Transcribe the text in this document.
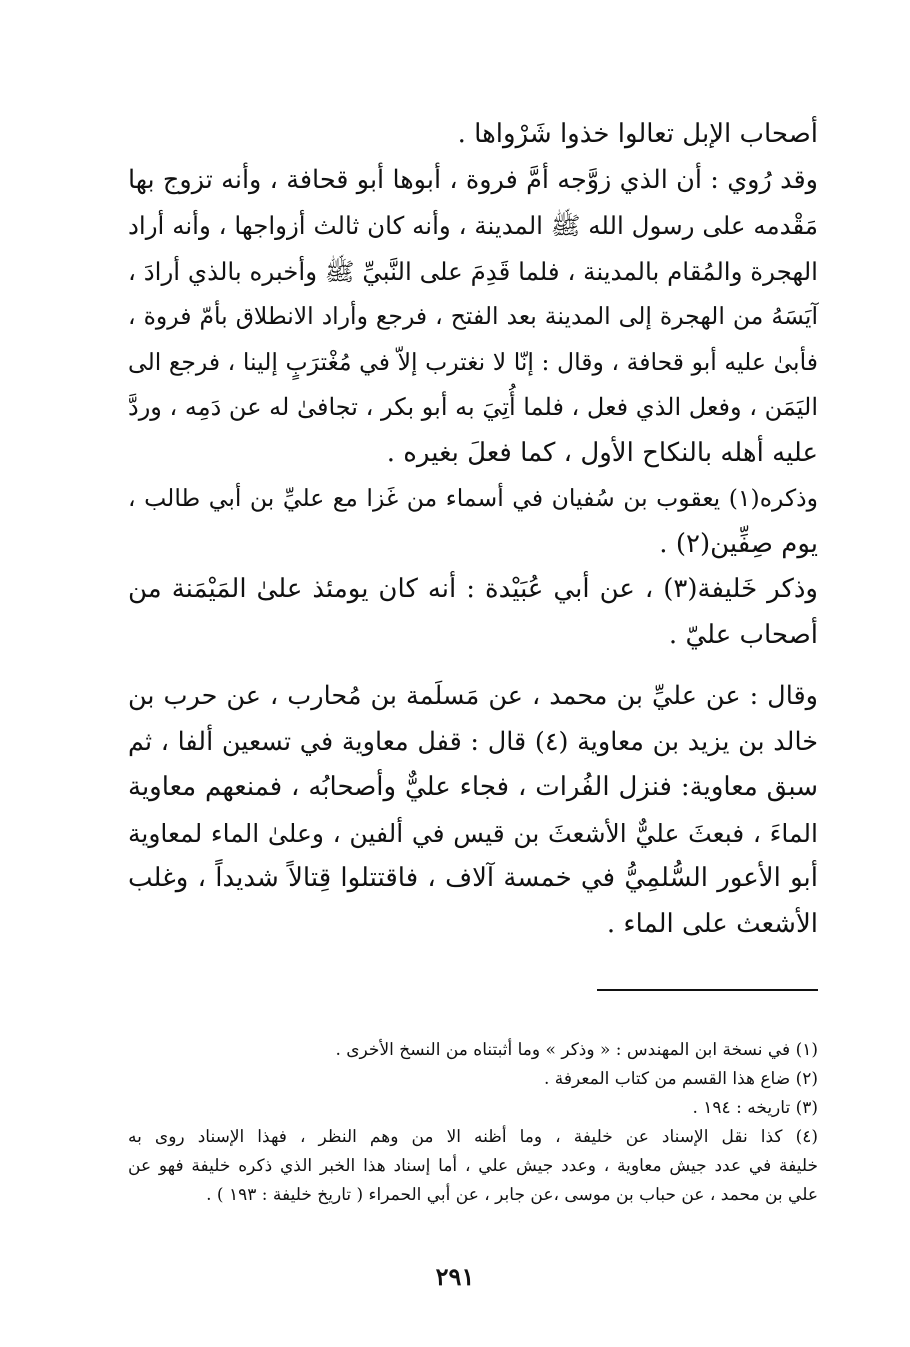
أصحاب الإبل تعالوا خذوا شَرْواها .
وقد رُوي : أن الذي زوَّجه أمَّ فروة ، أبوها أبو قحافة ، وأنه تزوج بها
مَقْدمه على رسول الله ﷺ المدينة ، وأنه كان ثالث أزواجها ، وأنه أراد
الهجرة والمُقام بالمدينة ، فلما قَدِمَ على النَّبيِّ ﷺ وأخبره بالذي أرادَ ،
آيَسَهُ من الهجرة إلى المدينة بعد الفتح ، فرجع وأراد الانطلاق بأمّ فروة ،
فأبىٰ عليه أبو قحافة ، وقال : إنّا لا نغترب إلاّ في مُغْترَبٍ إلينا ، فرجع الى
اليَمَن ، وفعل الذي فعل ، فلما أُتِيَ به أبو بكر ، تجافىٰ له عن دَمِه ، وردَّ
عليه أهله بالنكاح الأول ، كما فعلَ بغيره .
وذكره(١) يعقوب بن سُفيان في أسماء من غَزا مع عليِّ بن أبي طالب ،
يوم صِفِّين(٢) .
وذكر خَليفة(٣) ، عن أبي عُبَيْدة : أنه كان يومئذ علىٰ المَيْمَنة من
أصحاب عليّ .
وقال : عن عليِّ بن محمد ، عن مَسلَمة بن مُحارب ، عن حرب بن
خالد بن يزيد بن معاوية (٤) قال : قفل معاوية في تسعين ألفا ، ثم
سبق معاوية: فنزل الفُرات ، فجاء عليٌّ وأصحابُه ، فمنعهم معاوية
الماءَ ، فبعثَ عليٌّ الأشعثَ بن قيس في ألفين ، وعلىٰ الماء لمعاوية
أبو الأعور السُّلمِيُّ في خمسة آلاف ، فاقتتلوا قِتالاً شديداً ، وغلب
الأشعث على الماء .
(١) في نسخة ابن المهندس : « وذكر » وما أثبتناه من النسخ الأخرى .
(٢) ضاع هذا القسم من كتاب المعرفة .
(٣) تاريخه : ١٩٤ .
(٤) كذا نقل الإسناد عن خليفة ، وما أظنه الا من وهم النظر ، فهذا الإسناد روى به
خليفة في عدد جيش معاوية ، وعدد جيش علي ، أما إسناد هذا الخبر الذي ذكره خليفة فهو عن
علي بن محمد ، عن حباب بن موسى ،عن جابر ، عن أبي الحمراء ( تاريخ خليفة : ١٩٣ ) .
٢٩١
